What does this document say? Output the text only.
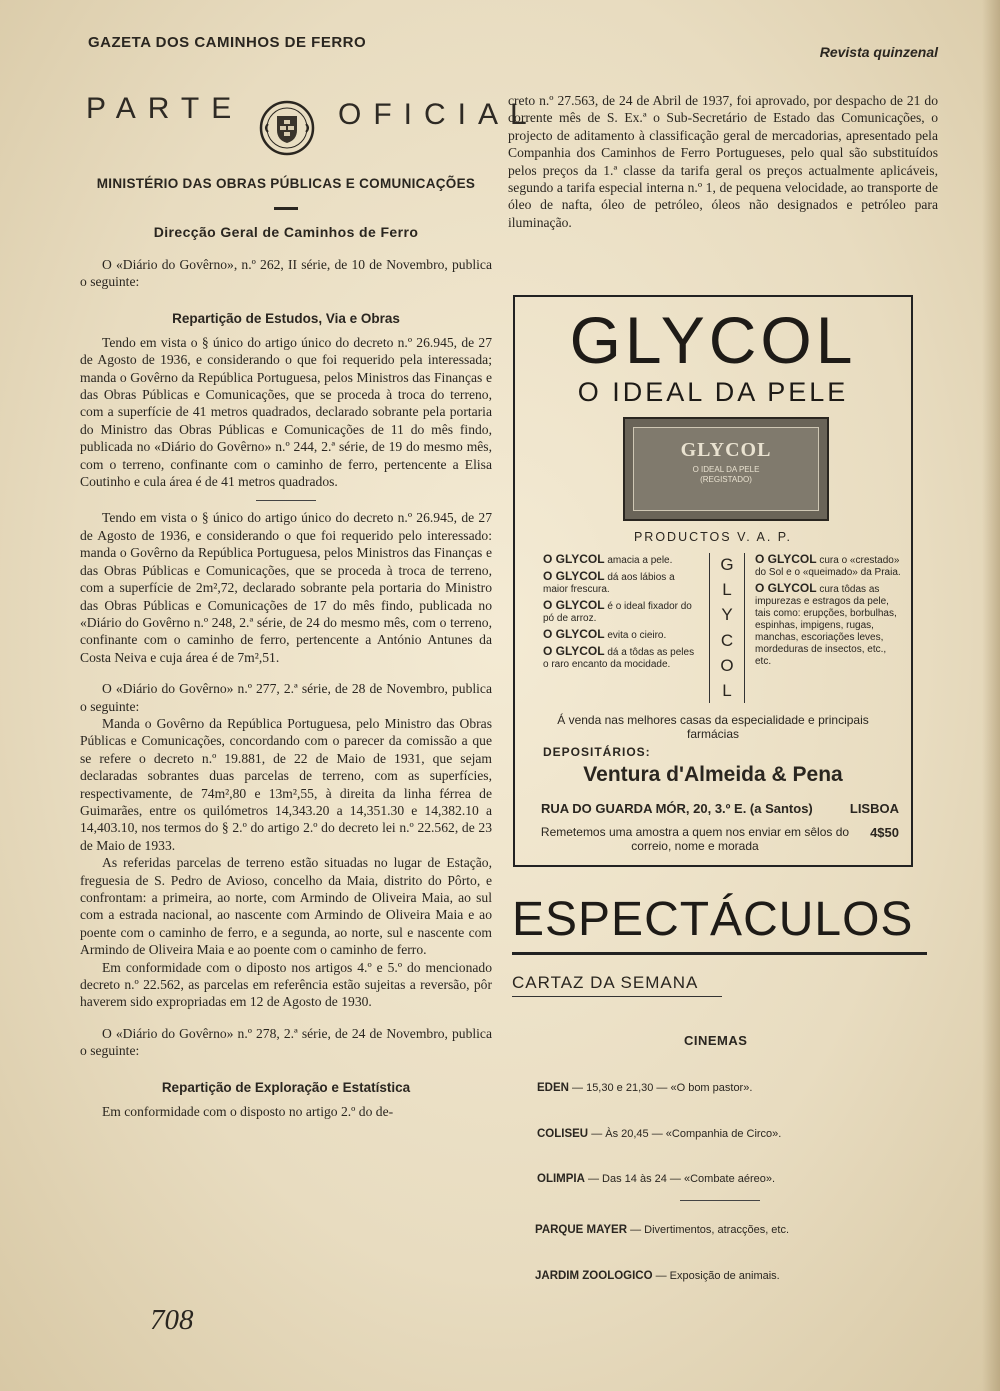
GAZETA DOS CAMINHOS DE FERRO
Revista quinzenal
PARTE	OFICIAL
MINISTÉRIO DAS OBRAS PÚBLICAS E COMUNICAÇÕES
Direcção Geral de Caminhos de Ferro

O «Diário do Govêrno», n.º 262, II série, de 10 de Novembro, publica o seguinte:

Repartição de Estudos, Via e Obras

Tendo em vista o § único do artigo único do decreto n.º 26.945, de 27 de Agosto de 1936, e considerando o que foi requerido pela interessada; manda o Govêrno da República Portuguesa, pelos Ministros das Finanças e das Obras Públicas e Comunicações, que se proceda à troca do terreno, com a superfície de 41 metros quadrados, declarado sobrante pela portaria do Ministro das Obras Públicas e Comunicações de 11 do mês findo, publicada no «Diário do Govêrno» n.º 244, 2.ª série, de 19 do mesmo mês, com o terreno, confinante com o caminho de ferro, pertencente a Elisa Coutinho e cula área é de 41 metros quadrados.

Tendo em vista o § único do artigo único do decreto n.º 26.945, de 27 de Agosto de 1936, e considerando o que foi requerido pelo interessado: manda o Govêrno da República Portuguesa, pelos Ministros das Finanças e das Obras Públicas e Comunicações, que se proceda à troca de terreno, com a superfície de 2m²,72, declarado sobrante pela portaria do Ministro das Obras Públicas e Comunicações de 17 do mês findo, publicada no «Diário do Govêrno n.º 248, 2.ª série, de 24 do mesmo mês, com o terreno, confinante com o caminho de ferro, pertencente a António Antunes da Costa Neiva e cuja área é de 7m²,51.

O «Diário do Govêrno» n.º 277, 2.ª série, de 28 de Novembro, publica o seguinte:

Manda o Govêrno da República Portuguesa, pelo Ministro das Obras Públicas e Comunicações, concordando com o parecer da comissão a que se refere o decreto n.º 19.881, de 22 de Maio de 1931, que sejam declaradas sobrantes duas parcelas de terreno, com as superfícies, respectivamente, de 74m²,80 e 13m²,55, à direita da linha férrea de Guimarães, entre os quilómetros 14,343.20 a 14,351.30 e 14,382.10 a 14,403.10, nos termos do § 2.º do artigo 2.º do decreto lei n.º 22.562, de 23 de Maio de 1933.

As referidas parcelas de terreno estão situadas no lugar de Estação, freguesia de S. Pedro de Avioso, concelho da Maia, distrito do Pôrto, e confrontam: a primeira, ao norte, com Armindo de Oliveira Maia, ao sul com a estrada nacional, ao nascente com Armindo de Oliveira Maia e ao poente com o caminho de ferro, e a segunda, ao norte, sul e nascente com Armindo de Oliveira Maia e ao poente com o caminho de ferro.

Em conformidade com o diposto nos artigos 4.º e 5.º do mencionado decreto n.º 22.562, as parcelas em referência estão sujeitas a reversão, pôr haverem sido expropriadas em 12 de Agosto de 1930.

O «Diário do Govêrno» n.º 278, 2.ª série, de 24 de Novembro, publica o seguinte:

Repartição de Exploração e Estatística

Em conformidade com o disposto no artigo 2.º do de-

708

creto n.º 27.563, de 24 de Abril de 1937, foi aprovado, por despacho de 21 do corrente mês de S. Ex.ª o Sub-Secretário de Estado das Comunicações, o projecto de aditamento à classificação geral de mercadorias, apresentado pela Companhia dos Caminhos de Ferro Portugueses, pelo qual são substituídos pelos preços da 1.ª classe da tarifa geral os preços actualmente aplicáveis, segundo a tarifa especial interna n.º 1, de pequena velocidade, ao transporte de óleo de nafta, óleo de petróleo, óleos não designados e petróleo para iluminação.

GLYCOL
O IDEAL DA PELE
GLYCOL
O IDEAL DA PELE
(REGISTADO)
PRODUCTOS V. A. P.
O GLYCOL amacia a pele.
O GLYCOL dá aos lábios a maior frescura.
O GLYCOL é o ideal fixador do pó de arroz.
O GLYCOL evita o cieiro.
O GLYCOL dá a tôdas as peles o raro encanto da mocidade.
G
L
Y
C
O
L
O GLYCOL cura o «crestado» do Sol e o «queimado» da Praia.
O GLYCOL cura tôdas as impurezas e estragos da pele, tais como: erupções, borbulhas, espinhas, impigens, rugas, manchas, escoriações leves, mordeduras de insectos, etc., etc.
Á venda nas melhores casas da especialidade e principais farmácias
DEPOSITÁRIOS:
Ventura d'Almeida & Pena
RUA DO GUARDA MÓR, 20, 3.º E. (a Santos)	LISBOA
Remetemos uma amostra a quem nos enviar em sêlos do correio, nome e morada
4$50
ESPECTÁCULOS
CARTAZ DA SEMANA
CINEMAS
EDEN — 15,30 e 21,30 — «O bom pastor».
COLISEU — Às 20,45 — «Companhia de Circo».
OLIMPIA — Das 14 às 24 — «Combate aéreo».
PARQUE MAYER — Divertimentos, atracções, etc.
JARDIM ZOOLOGICO — Exposição de animais.
